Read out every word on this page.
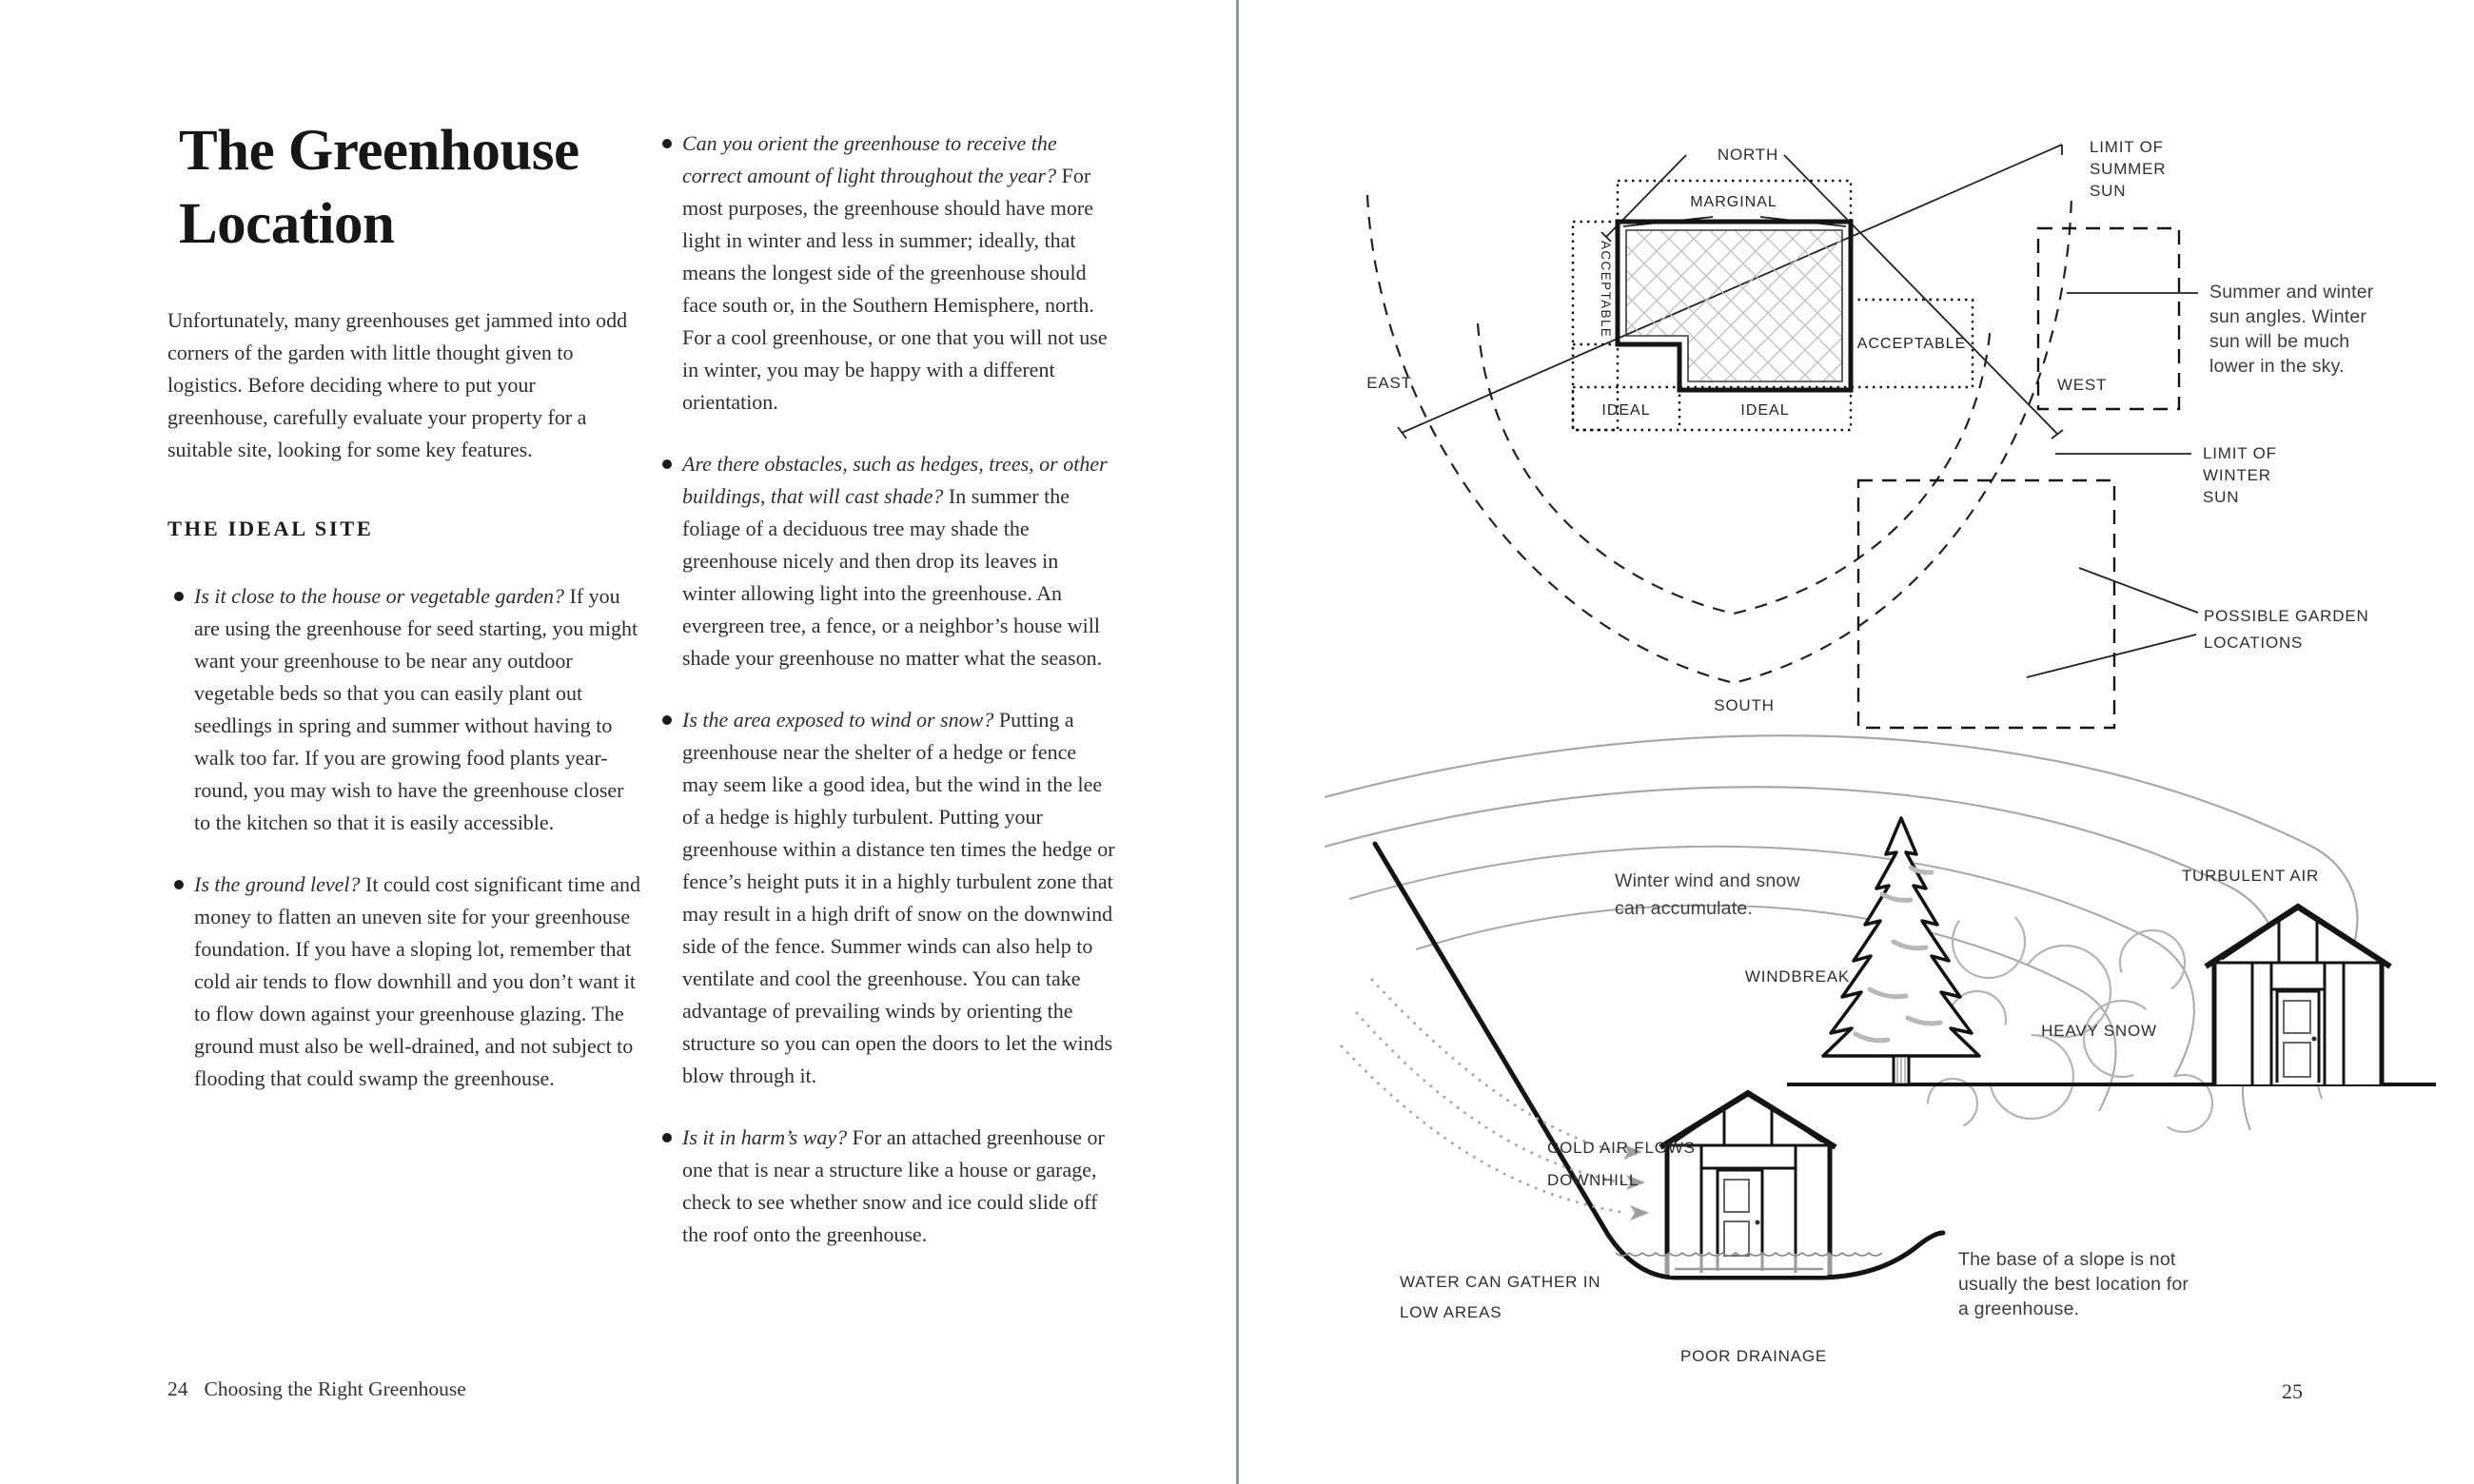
The Greenhouse
Location
Unfortunately, many greenhouses get jammed into odd corners of the garden with little thought given to logistics. Before deciding where to put your greenhouse, carefully evaluate your property for a suitable site, looking for some key features.
THE IDEAL SITE
Is it close to the house or vegetable garden? If you are using the greenhouse for seed starting, you might want your greenhouse to be near any outdoor vegetable beds so that you can easily plant out seedlings in spring and summer without having to walk too far. If you are growing food plants year-round, you may wish to have the greenhouse closer to the kitchen so that it is easily accessible.
Is the ground level? It could cost significant time and money to flatten an uneven site for your greenhouse foundation. If you have a sloping lot, remember that cold air tends to flow downhill and you don’t want it to flow down against your greenhouse glazing. The ground must also be well-drained, and not subject to flooding that could swamp the greenhouse.
Can you orient the greenhouse to receive the correct amount of light throughout the year? For most purposes, the greenhouse should have more light in winter and less in summer; ideally, that means the longest side of the greenhouse should face south or, in the Southern Hemisphere, north. For a cool greenhouse, or one that you will not use in winter, you may be happy with a different orientation.
Are there obstacles, such as hedges, trees, or other buildings, that will cast shade? In summer the foliage of a deciduous tree may shade the greenhouse nicely and then drop its leaves in winter allowing light into the greenhouse. An evergreen tree, a fence, or a neighbor’s house will shade your greenhouse no matter what the season.
Is the area exposed to wind or snow? Putting a greenhouse near the shelter of a hedge or fence may seem like a good idea, but the wind in the lee of a hedge is highly turbulent. Putting your greenhouse within a distance ten times the hedge or fence’s height puts it in a highly turbulent zone that may result in a high drift of snow on the downwind side of the fence. Summer winds can also help to ventilate and cool the greenhouse. You can take advantage of prevailing winds by orienting the structure so you can open the doors to let the winds blow through it.
Is it in harm’s way? For an attached greenhouse or one that is near a structure like a house or garage, check to see whether snow and ice could slide off the roof onto the greenhouse.
24 Choosing the Right Greenhouse	25
NORTH
SOUTH
EAST	WEST
MARGINAL
ACCEPTABLE
ACCEPTABLE
IDEAL	IDEAL
LIMIT OF
SUMMER
SUN
LIMIT OF
WINTER
SUN
Summer and winter
sun angles. Winter
sun will be much
lower in the sky.
POSSIBLE GARDEN
LOCATIONS
Winter wind and snow
can accumulate.
WINDBREAK
TURBULENT AIR
HEAVY SNOW
COLD AIR FLOWS
DOWNHILL
WATER CAN GATHER IN
LOW AREAS
POOR DRAINAGE
The base of a slope is not
usually the best location for
a greenhouse.
